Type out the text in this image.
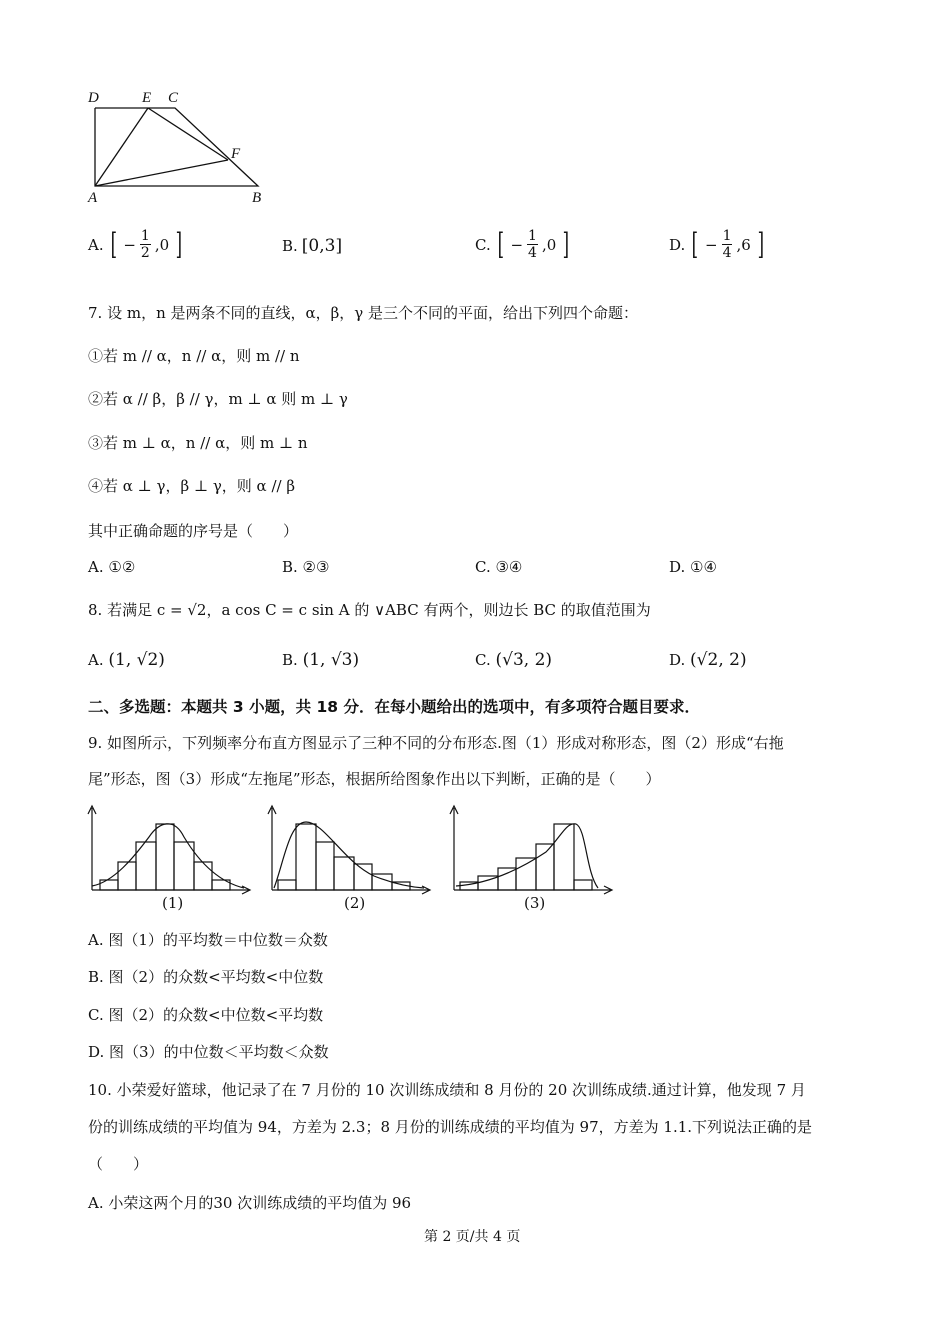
D	E C
F
A	B
A. [ − $\frac{1}{2} ,0$ ]	B. [0,3]	C. [ − $\frac{1}{4} ,0$ ]	D. [ − $\frac{1}{4} ,6$ ]
7. 设 m，n 是两条不同的直线，α，β，γ 是三个不同的平面，给出下列四个命题：
①若 m // α，n // α，则 m // n
②若 α // β，β // γ，m ⊥ α 则 m ⊥ γ
③若 m ⊥ α，n // α，则 m ⊥ n
④若 α ⊥ γ，β ⊥ γ，则 α // β
其中正确命题的序号是（　　）
A. ①②	B. ②③	C. ③④	D. ①④
8. 若满足 c = √2，a cos C = c sin A 的 ∨ABC 有两个，则边长 BC 的取值范围为
A. (1, √2)	B. (1, √3)	C. (√3, 2)	D. (√2, 2)
二、多选题：本题共 3 小题，共 18 分．在每小题给出的选项中，有多项符合题目要求．
9. 如图所示，下列频率分布直方图显示了三种不同的分布形态.图（1）形成对称形态，图（2）形成“右拖
尾”形态，图（3）形成“左拖尾”形态，根据所给图象作出以下判断，正确的是（　　）
(1)	(2)	(3)
A. 图（1）的平均数＝中位数＝众数
B. 图（2）的众数<平均数<中位数
C. 图（2）的众数<中位数<平均数
D. 图（3）的中位数＜平均数＜众数
10. 小荣爱好篮球，他记录了在 7 月份的 10 次训练成绩和 8 月份的 20 次训练成绩.通过计算，他发现 7 月
份的训练成绩的平均值为 94，方差为 2.3；8 月份的训练成绩的平均值为 97，方差为 1.1.下列说法正确的是
（　　）
A. 小荣这两个月的30 次训练成绩的平均值为 96
第 2 页/共 4 页
